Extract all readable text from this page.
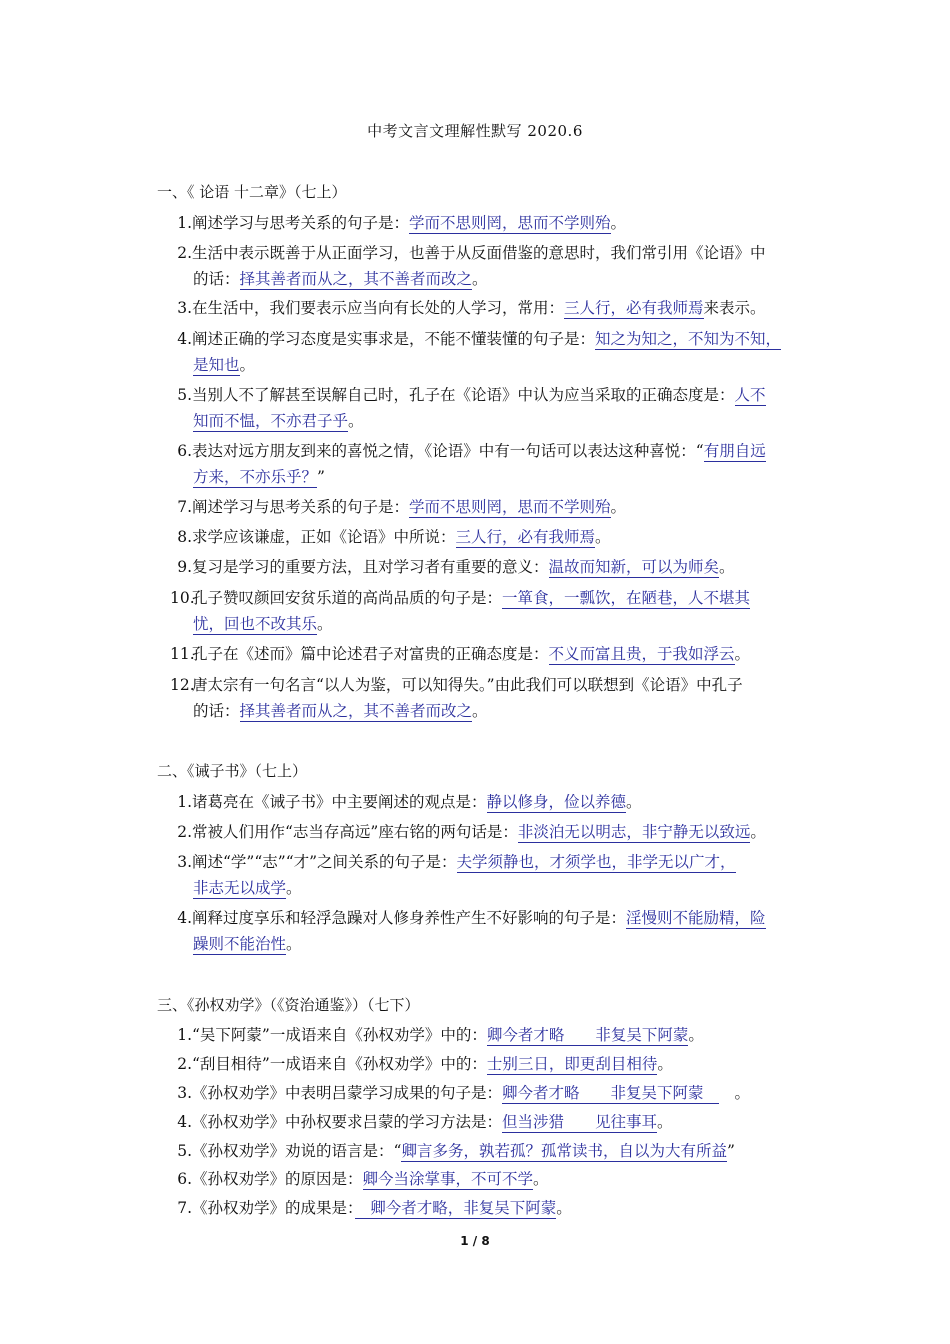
中考文言文理解性默写 2020.6
一、《 论语 十二章》（七上）
1.阐述学习与思考关系的句子是：学而不思则罔，思而不学则殆。
2.生活中表示既善于从正面学习，也善于从反面借鉴的意思时，我们常引用《论语》中
的话：择其善者而从之，其不善者而改之。
3.在生活中，我们要表示应当向有长处的人学习，常用：三人行，必有我师焉来表示。
4.阐述正确的学习态度是实事求是，不能不懂装懂的句子是：知之为知之，不知为不知，
是知也。
5.当别人不了解甚至误解自己时，孔子在《论语》中认为应当采取的正确态度是：人不
知而不愠，不亦君子乎。
6.表达对远方朋友到来的喜悦之情，《论语》中有一句话可以表达这种喜悦：“有朋自远
方来，不亦乐乎？”
7.阐述学习与思考关系的句子是：学而不思则罔，思而不学则殆。
8.求学应该谦虚，正如《论语》中所说：三人行，必有我师焉。
9.复习是学习的重要方法，且对学习者有重要的意义：温故而知新，可以为师矣。
10.孔子赞叹颜回安贫乐道的高尚品质的句子是：一箪食，一瓢饮，在陋巷，人不堪其
忧，回也不改其乐。
11.孔子在《述而》篇中论述君子对富贵的正确态度是：不义而富且贵，于我如浮云。
12.唐太宗有一句名言“以人为鉴，可以知得失。”由此我们可以联想到《论语》中孔子
的话：择其善者而从之，其不善者而改之。
二、《诫子书》（七上）
1.诸葛亮在《诫子书》中主要阐述的观点是：静以修身，俭以养德。
2.常被人们用作“志当存高远”座右铭的两句话是：非淡泊无以明志，非宁静无以致远。
3.阐述“学”“志”“才”之间关系的句子是：夫学须静也，才须学也，非学无以广才，
非志无以成学。
4.阐释过度享乐和轻浮急躁对人修身养性产生不好影响的句子是：淫慢则不能励精，险
躁则不能治性。
三、《孙权劝学》（《资治通鉴》）（七下）
1.“吴下阿蒙”一成语来自《孙权劝学》中的：卿今者才略　　非复吴下阿蒙。
2.“刮目相待”一成语来自《孙权劝学》中的：士别三日，即更刮目相待。
3.《孙权劝学》中表明吕蒙学习成果的句子是：卿今者才略　　非复吴下阿蒙　　。
4.《孙权劝学》中孙权要求吕蒙的学习方法是：但当涉猎　　见往事耳。
5.《孙权劝学》劝说的语言是：“卿言多务，孰若孤？孤常读书，自以为大有所益”
6.《孙权劝学》的原因是：卿今当涂掌事，不可不学。
7.《孙权劝学》的成果是：　卿今者才略，非复吴下阿蒙。
1 / 8
